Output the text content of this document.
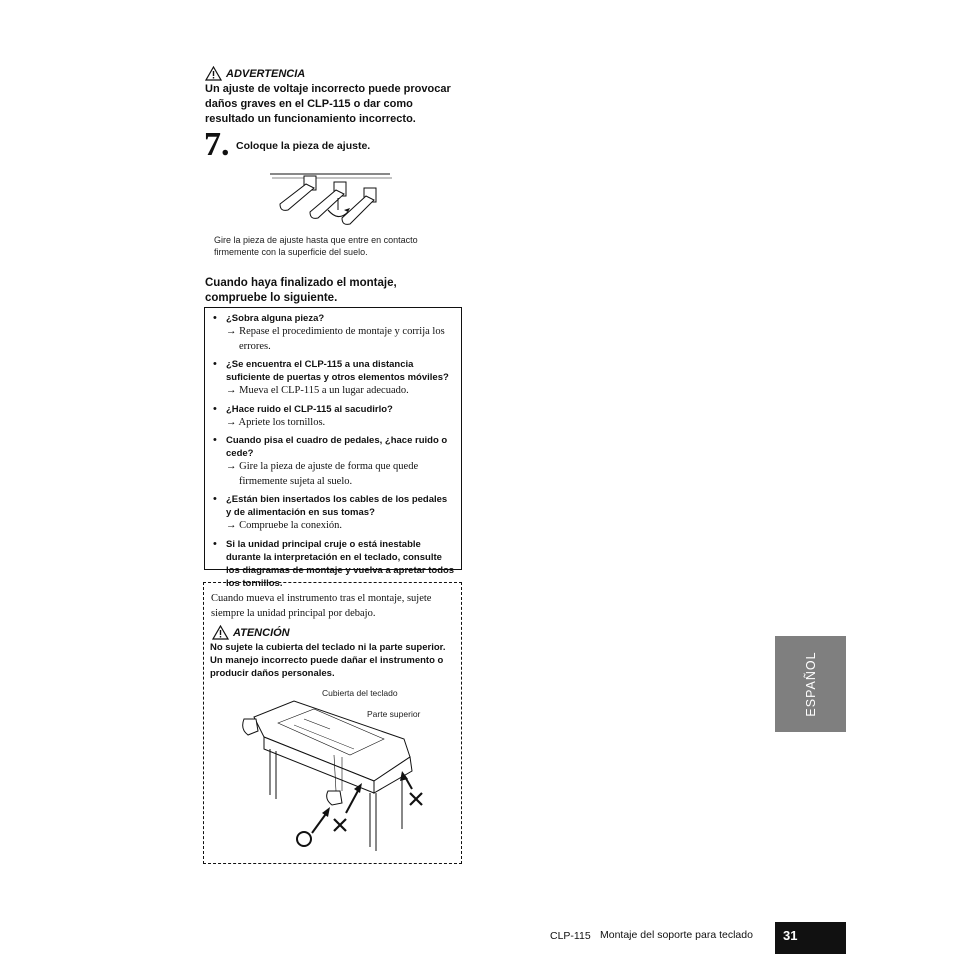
ADVERTENCIA
Un ajuste de voltaje incorrecto puede provocar daños graves en el CLP-115 o dar como resultado un funcionamiento incorrecto.
7. Coloque la pieza de ajuste.
Gire la pieza de ajuste hasta que entre en contacto firmemente con la superficie del suelo.
Cuando haya finalizado el montaje, compruebe lo siguiente.
• ¿Sobra alguna pieza?
→ Repase el procedimiento de montaje y corrija los errores.
• ¿Se encuentra el CLP-115 a una distancia suficiente de puertas y otros elementos móviles?
→ Mueva el CLP-115 a un lugar adecuado.
• ¿Hace ruido el CLP-115 al sacudirlo?
→ Apriete los tornillos.
• Cuando pisa el cuadro de pedales, ¿hace ruido o cede?
→ Gire la pieza de ajuste de forma que quede firmemente sujeta al suelo.
• ¿Están bien insertados los cables de los pedales y de alimentación en sus tomas?
→ Compruebe la conexión.
• Si la unidad principal cruje o está inestable durante la interpretación en el teclado, consulte los diagramas de montaje y vuelva a apretar todos los tornillos.
Cuando mueva el instrumento tras el montaje, sujete siempre la unidad principal por debajo.
ATENCIÓN
No sujete la cubierta del teclado ni la parte superior. Un manejo incorrecto puede dañar el instrumento o producir daños personales.
Cubierta del teclado
Parte superior	ESPAÑOL
CLP-115 Montaje del soporte para teclado 31
